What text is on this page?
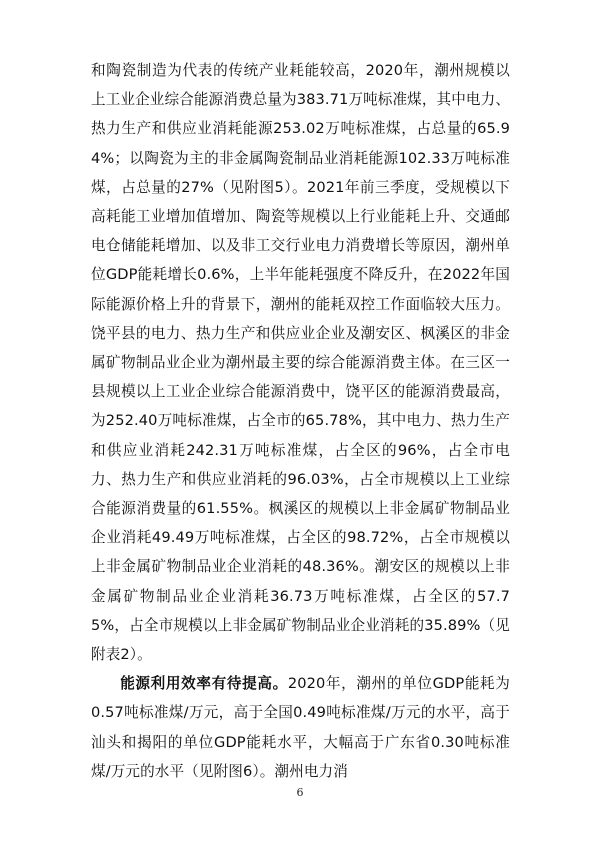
和陶瓷制造为代表的传统产业耗能较高，2020年，潮州规模以上工业企业综合能源消费总量为383.71万吨标准煤，其中电力、热力生产和供应业消耗能源253.02万吨标准煤，占总量的65.94%；以陶瓷为主的非金属陶瓷制品业消耗能源102.33万吨标准煤，占总量的27%（见附图5）。2021年前三季度，受规模以下高耗能工业增加值增加、陶瓷等规模以上行业能耗上升、交通邮电仓储能耗增加、以及非工交行业电力消费增长等原因，潮州单位GDP能耗增长0.6%，上半年能耗强度不降反升，在2022年国际能源价格上升的背景下，潮州的能耗双控工作面临较大压力。饶平县的电力、热力生产和供应业企业及潮安区、枫溪区的非金属矿物制品业企业为潮州最主要的综合能源消费主体。在三区一县规模以上工业企业综合能源消费中，饶平区的能源消费最高，为252.40万吨标准煤，占全市的65.78%，其中电力、热力生产和供应业消耗242.31万吨标准煤，占全区的96%，占全市电力、热力生产和供应业消耗的96.03%，占全市规模以上工业综合能源消费量的61.55%。枫溪区的规模以上非金属矿物制品业企业消耗49.49万吨标准煤，占全区的98.72%，占全市规模以上非金属矿物制品业企业消耗的48.36%。潮安区的规模以上非金属矿物制品业企业消耗36.73万吨标准煤，占全区的57.75%，占全市规模以上非金属矿物制品业企业消耗的35.89%（见附表2）。

能源利用效率有待提高。2020年，潮州的单位GDP能耗为0.57吨标准煤/万元，高于全国0.49吨标准煤/万元的水平，高于汕头和揭阳的单位GDP能耗水平，大幅高于广东省0.30吨标准煤/万元的水平（见附图6）。潮州电力消

6
